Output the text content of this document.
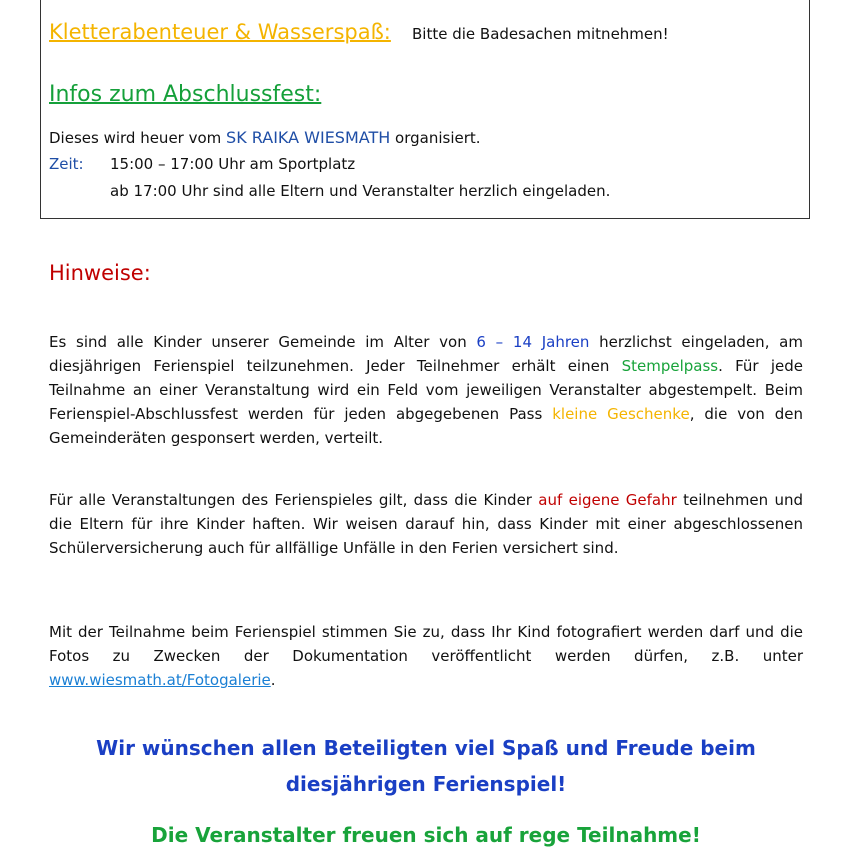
Kletterabenteuer & Wasserspaß: Bitte die Badesachen mitnehmen!
Infos zum Abschlussfest:
Dieses wird heuer vom SK RAIKA WIESMATH organisiert.
Zeit: 15:00 – 17:00 Uhr am Sportplatz
ab 17:00 Uhr sind alle Eltern und Veranstalter herzlich eingeladen.
Hinweise:
Es sind alle Kinder unserer Gemeinde im Alter von 6 – 14 Jahren herzlichst eingeladen, am diesjährigen Ferienspiel teilzunehmen. Jeder Teilnehmer erhält einen Stempelpass. Für jede Teilnahme an einer Veranstaltung wird ein Feld vom jeweiligen Veranstalter abgestempelt. Beim Ferienspiel-Abschlussfest werden für jeden abgegebenen Pass kleine Geschenke, die von den Gemeinderäten gesponsert werden, verteilt.
Für alle Veranstaltungen des Ferienspieles gilt, dass die Kinder auf eigene Gefahr teilnehmen und die Eltern für ihre Kinder haften. Wir weisen darauf hin, dass Kinder mit einer abgeschlossenen Schülerversicherung auch für allfällige Unfälle in den Ferien versichert sind.
Mit der Teilnahme beim Ferienspiel stimmen Sie zu, dass Ihr Kind fotografiert werden darf und die Fotos zu Zwecken der Dokumentation veröffentlicht werden dürfen, z.B. unter www.wiesmath.at/Fotogalerie.
Wir wünschen allen Beteiligten viel Spaß und Freude beim
diesjährigen Ferienspiel!
Die Veranstalter freuen sich auf rege Teilnahme!
